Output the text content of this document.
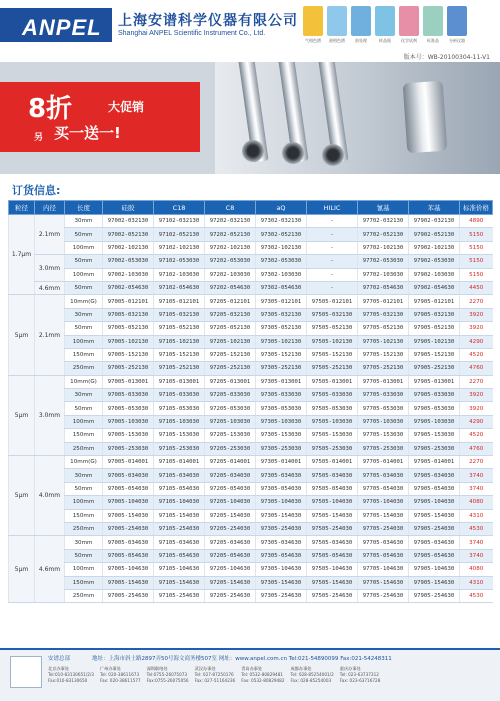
ANPEL 上海安谱科学仪器有限公司
Shanghai ANPEL Scientific Instrument Co., Ltd.
气相色谱	液相色谱	前处理	样品瓶	化学试剂	标准品	分析仪器
版本号：WB-20100304-11-V1
8折	大促销
另 买一送一!
订货信息:
粒径	内径	长度	硅胶	C18	C8	aQ	HILIC	氰基	苯基	标准价格
1.7μm	2.1mm	30mm	97002-032130	97102-032130	97202-032130	97302-032130	-	97702-032130	97902-032130	4890
		50mm	97002-052130	97102-052130	97202-052130	97302-052130	-	97702-052130	97902-052130	5150
		100mm	97002-102130	97102-102130	97202-102130	97302-102130	-	97702-102130	97902-102130	5150
	3.0mm	50mm	97002-053030	97102-053030	97202-053030	97302-053030	-	97702-053030	97902-053030	5150
		100mm	97002-103030	97102-103030	97202-103030	97302-103030	-	97702-103030	97902-103030	5150
	4.6mm	50mm	97002-054630	97102-054630	97202-054630	97302-054630	-	97702-054630	97902-054630	4450
5μm	2.1mm	10mm(G)	97005-012101	97105-012101	97205-012101	97305-012101	97505-012101	97705-012101	97905-012101	2270
		30mm	97005-032130	97105-032130	97205-032130	97305-032130	97505-032130	97705-032130	97905-032130	3920
		50mm	97005-052130	97105-052130	97205-052130	97305-052130	97505-052130	97705-052130	97905-052130	3920
		100mm	97005-102130	97105-102130	97205-102130	97305-102130	97505-102130	97705-102130	97905-102130	4290
		150mm	97005-152130	97105-152130	97205-152130	97305-152130	97505-152130	97705-152130	97905-152130	4520
		250mm	97005-252130	97105-252130	97205-252130	97305-252130	97505-252130	97705-252130	97905-252130	4760
5μm	3.0mm	10mm(G)	97005-013001	97105-013001	97205-013001	97305-013001	97505-013001	97705-013001	97905-013001	2270
		30mm	97005-033030	97105-033030	97205-033030	97305-033030	97505-033030	97705-033030	97905-033030	3920
		50mm	97005-053030	97105-053030	97205-053030	97305-053030	97505-053030	97705-053030	97905-053030	3920
		100mm	97005-103030	97105-103030	97205-103030	97305-103030	97505-103030	97705-103030	97905-103030	4290
		150mm	97005-153030	97105-153030	97205-153030	97305-153030	97505-153030	97705-153030	97905-153030	4520
		250mm	97005-253030	97105-253030	97205-253030	97305-253030	97505-253030	97705-253030	97905-253030	4760
5μm	4.0mm	10mm(G)	97005-014001	97105-014001	97205-014001	97305-014001	97505-014001	97705-014001	97905-014001	2270
		30mm	97005-034030	97105-034030	97205-034030	97305-034030	97505-034030	97705-034030	97905-034030	3740
		50mm	97005-054030	97105-054030	97205-054030	97305-054030	97505-054030	97705-054030	97905-054030	3740
		100mm	97005-104030	97105-104030	97205-104030	97305-104030	97505-104030	97705-104030	97905-104030	4080
		150mm	97005-154030	97105-154030	97205-154030	97305-154030	97505-154030	97705-154030	97905-154030	4310
		250mm	97005-254030	97105-254030	97205-254030	97305-254030	97505-254030	97705-254030	97905-254030	4530
5μm	4.6mm	30mm	97005-034630	97105-034630	97205-034630	97305-034630	97505-034630	97705-034630	97905-034630	3740
		50mm	97005-054630	97105-054630	97205-054630	97305-054630	97505-054630	97705-054630	97905-054630	3740
		100mm	97005-104630	97105-104630	97205-104630	97305-104630	97505-104630	97705-104630	97905-104630	4080
		150mm	97005-154630	97105-154630	97205-154630	97305-154630	97505-154630	97705-154630	97905-154630	4310
		250mm	97005-254630	97105-254630	97205-254630	97305-254630	97505-254630	97705-254630	97905-254630	4530
安谱总部	地址：上海市斜土路2897弄50号海文商务楼507室 网址：www.anpel.com.cn Tel:021-54890099 Fax:021-54248311
北京办事处
Tel:010-83130651/2/3
Fax:010-83130650
广州办事处
Tel: 020-38611673
Fax: 020-38611577
深圳联络处
Tel:0755-26075073
Fax:0755-26075056
武汉办事处
Tel: 027-87250176
Fax: 027-51164236
青岛办事处
Tel: 0532-80829481
Fax: 0532-80829482
成都办事处
Tel: 028-85254001/2
Fax: 028-85254003
重庆办事处
Tel: 023-63737312
Fax: 023-63716728
